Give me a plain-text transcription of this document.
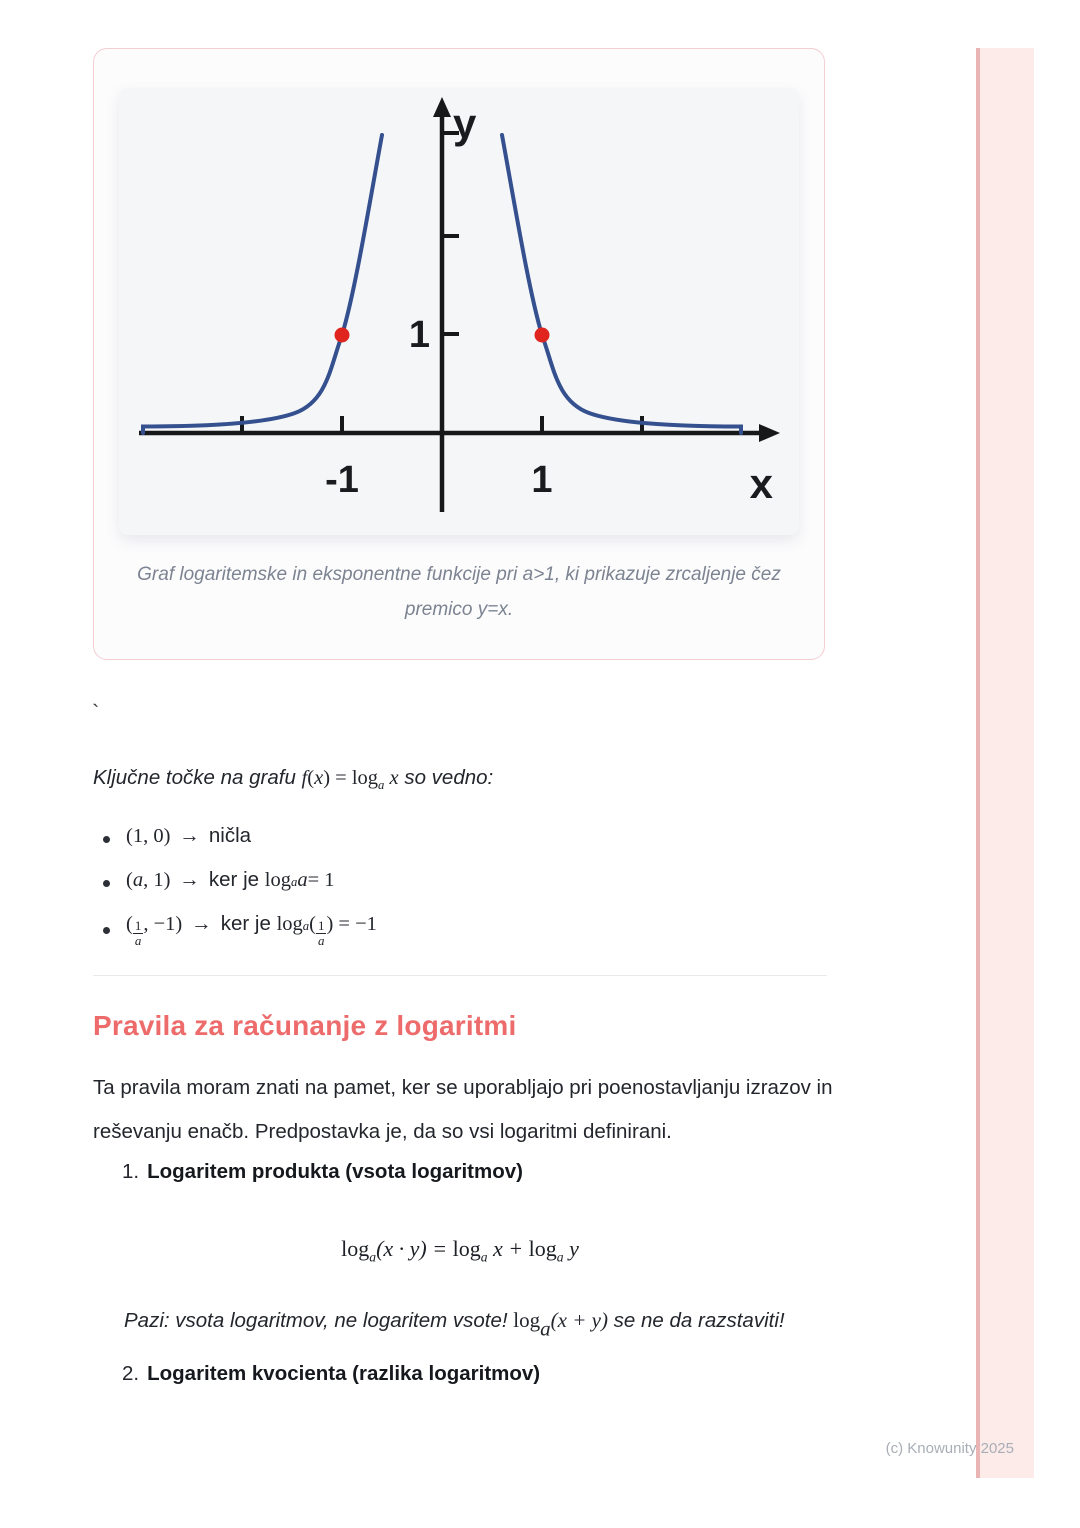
-1	1
1
y
x
Graf logaritemske in eksponentne funkcije pri a>1, ki prikazuje zrcaljenje čez premico y=x.
`

Ključne točke na grafu $f(x) = \log_a x$ so vedno:

(1, 0) → ničla
( a , 1) → ker je
log a a = 1
( $\frac{1}{a}$ , −1) → ker je
log a ( $\frac{1}{a}$ ) = −1
Pravila za računanje z logaritmi

Ta pravila moram znati na pamet, ker se uporabljajo pri poenostavljanju izrazov in reševanju enačb. Predpostavka je, da so vsi logaritmi definirani.

1. Logaritem produkta (vsota logaritmov)

$\log_a(x \cdot y) = \log_a x + \log_a y$

Pazi: vsota logaritmov, ne logaritem vsote! loga(x + y) se ne da razstaviti!

2. Logaritem kvocienta (razlika logaritmov)
(c) Knowunity 2025
